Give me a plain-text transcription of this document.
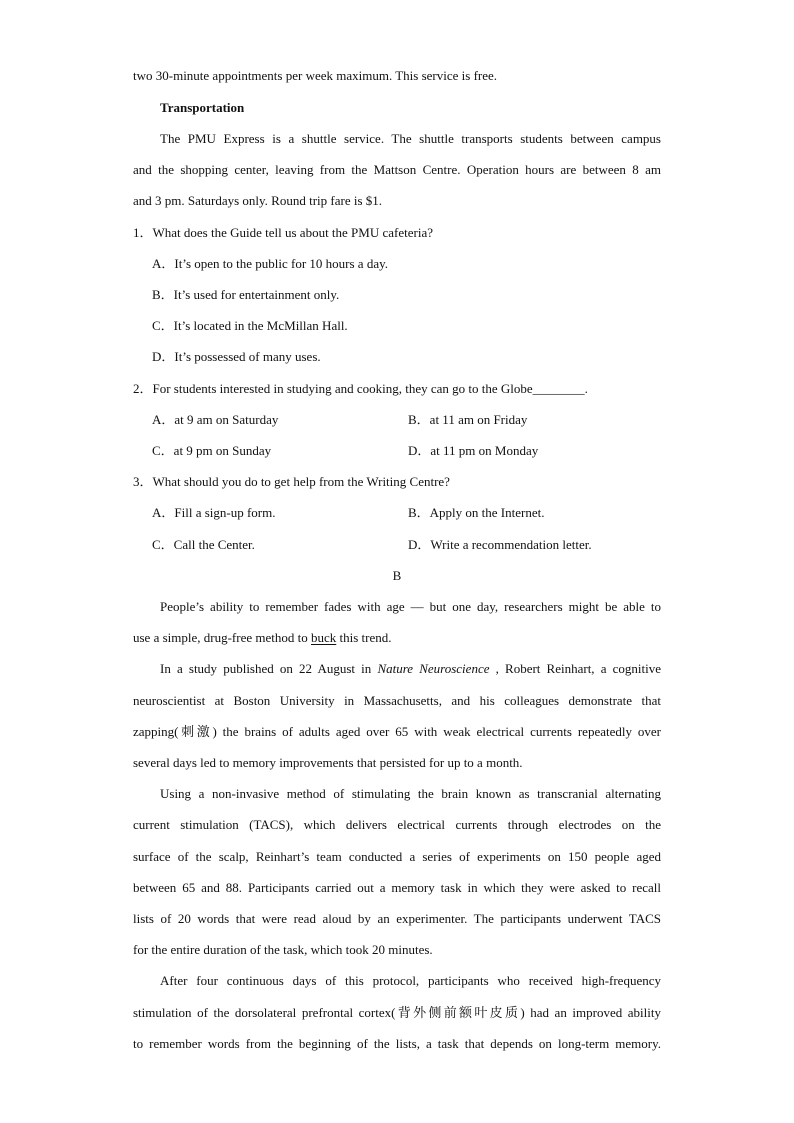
two 30-minute appointments per week maximum. This service is free.
Transportation
The PMU Express is a shuttle service. The shuttle transports students between campus
and the shopping center, leaving from the Mattson Centre. Operation hours are between 8 am
and 3 pm. Saturdays only. Round trip fare is $1.
1．What does the Guide tell us about the PMU cafeteria?
A．It’s open to the public for 10 hours a day.
B．It’s used for entertainment only.
C．It’s located in the McMillan Hall.
D．It’s possessed of many uses.
2．For students interested in studying and cooking, they can go to the Globe________.
A．at 9 am on Saturday	B．at 11 am on Friday
C．at 9 pm on Sunday	D．at 11 pm on Monday
3．What should you do to get help from the Writing Centre?
A．Fill a sign-up form.	B．Apply on the Internet.
C．Call the Center.	D．Write a recommendation letter.
B
People’s ability to remember fades with age — but one day, researchers might be able to
use a simple, drug-free method to buck this trend.
In a study published on 22 August in Nature Neuroscience , Robert Reinhart, a cognitive
neuroscientist at Boston University in Massachusetts, and his colleagues demonstrate that
zapping(刺激) the brains of adults aged over 65 with weak electrical currents repeatedly over
several days led to memory improvements that persisted for up to a month.
Using a non-invasive method of stimulating the brain known as transcranial alternating
current stimulation (TACS), which delivers electrical currents through electrodes on the
surface of the scalp, Reinhart’s team conducted a series of experiments on 150 people aged
between 65 and 88. Participants carried out a memory task in which they were asked to recall
lists of 20 words that were read aloud by an experimenter. The participants underwent TACS
for the entire duration of the task, which took 20 minutes.
After four continuous days of this protocol, participants who received high-frequency
stimulation of the dorsolateral prefrontal cortex(背外侧前额叶皮质) had an improved ability
to remember words from the beginning of the lists, a task that depends on long-term memory.
